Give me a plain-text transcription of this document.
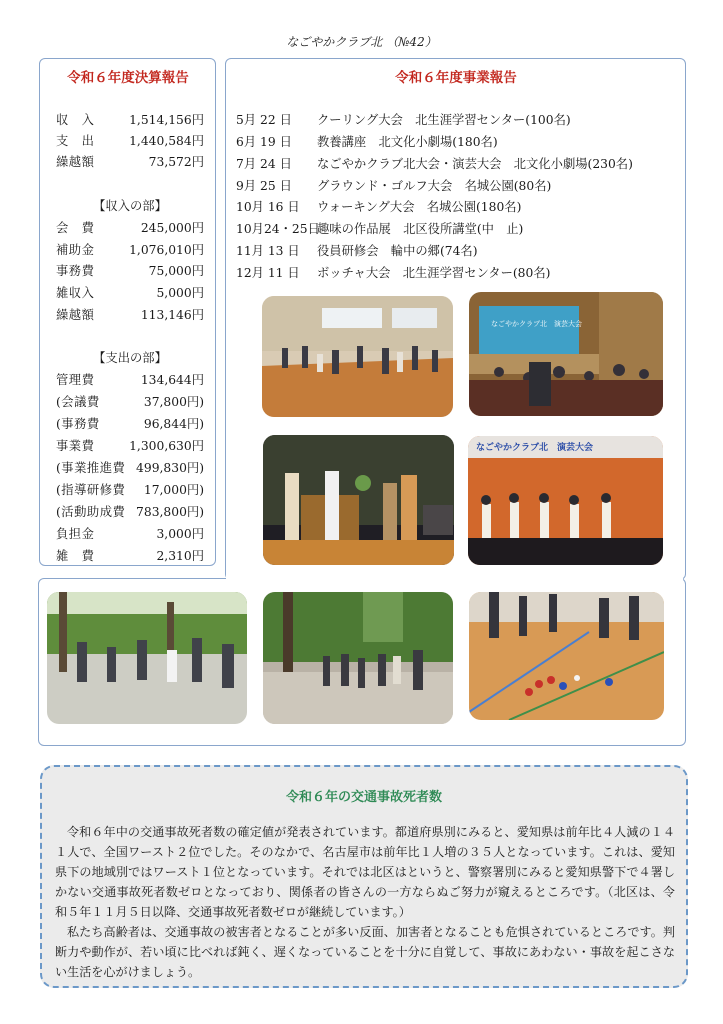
なごやかクラブ北 （№42）
令和６年度決算報告
収　入	1,514,156円
支　出	1,440,584円
繰越額	73,572円
【収入の部】
会　費	245,000円
補助金	1,076,010円
事務費	75,000円
雑収入	5,000円
繰越額	113,146円
【支出の部】
管理費	134,644円
(会議費	37,800円)
(事務費	96,844円)
事業費	1,300,630円
(事業推進費 499,830円)
(指導研修費 17,000円)
(活動助成費 783,800円)
負担金	3,000円
雑　費	2,310円
令和６年度事業報告
5月 22 日 クーリング大会　北生涯学習センター(100名)
6月 19 日 教養講座　北文化小劇場(180名)
7月 24 日 なごやかクラブ北大会・演芸大会　北文化小劇場(230名)
9月 25 日 グラウンド・ゴルフ大会　名城公園(80名)
10月 16 日 ウォーキング大会　名城公園(180名)
10月24・25日趣味の作品展　北区役所講堂(中　止)
11月 13 日 役員研修会　輪中の郷(74名)
12月 11 日 ボッチャ大会　北生涯学習センター(80名)
なごやかクラブ北　演芸大会
なごやかクラブ北　演芸大会
令和６年の交通事故死者数

令和６年中の交通事故死者数の確定値が発表されています。都道府県別にみると、愛知県は前年比４人減の１４１人で、全国ワースト２位でした。そのなかで、名古屋市は前年比１人増の３５人となっています。これは、愛知県下の地域別ではワースト１位となっています。それでは北区はというと、警察署別にみると愛知県警下で４署しかない交通事故死者数ゼロとなっており、関係者の皆さんの一方ならぬご努力が窺えるところです。（北区は、令和５年１１月５日以降、交通事故死者数ゼロが継続しています。）

私たち高齢者は、交通事故の被害者となることが多い反面、加害者となることも危惧されているところです。判断力や動作が、若い頃に比べれば鈍く、遅くなっていることを十分に自覚して、事故にあわない・事故を起こさない生活を心がけましょう。
